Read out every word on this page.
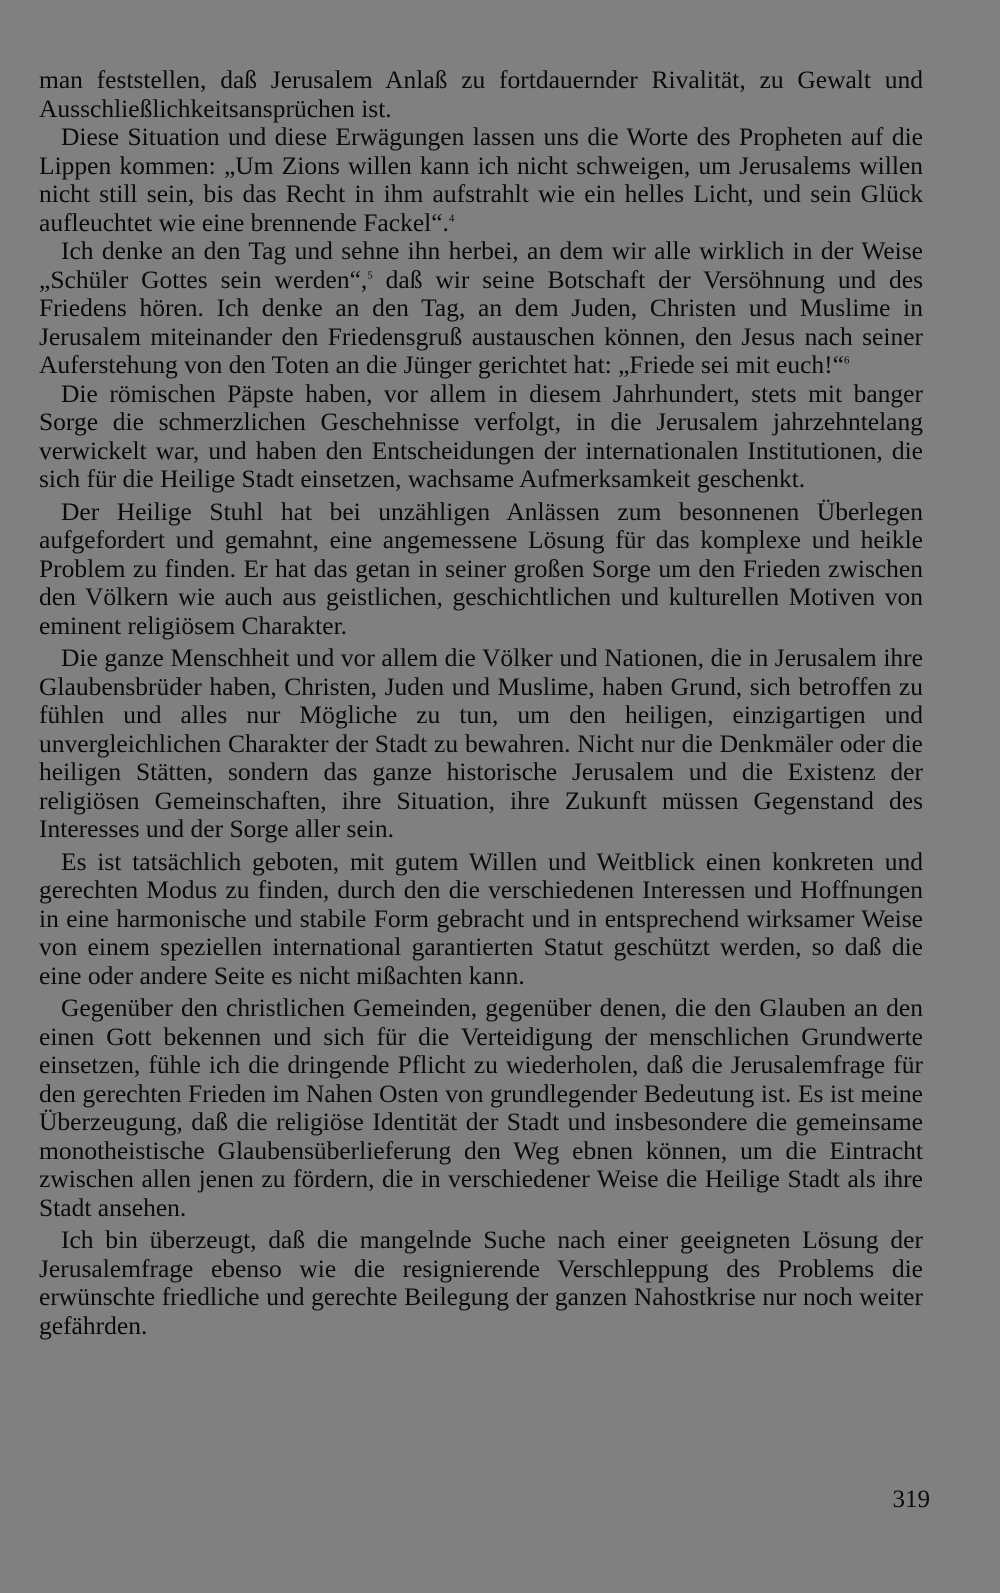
man feststellen, daß Jerusalem Anlaß zu fortdauernder Rivalität, zu Gewalt und Ausschließlichkeitsansprüchen ist.

Diese Situation und diese Erwägungen lassen uns die Worte des Propheten auf die Lippen kommen: „Um Zions willen kann ich nicht schweigen, um Jerusalems willen nicht still sein, bis das Recht in ihm aufstrahlt wie ein helles Licht, und sein Glück aufleuchtet wie eine brennende Fackel“.$^4$

Ich denke an den Tag und sehne ihn herbei, an dem wir alle wirklich in der Weise „Schüler Gottes sein werden“,$^5$ daß wir seine Botschaft der Versöhnung und des Friedens hören. Ich denke an den Tag, an dem Juden, Christen und Muslime in Jerusalem miteinander den Friedensgruß austauschen können, den Jesus nach seiner Auferstehung von den Toten an die Jünger gerichtet hat: „Friede sei mit euch!“$^6$

Die römischen Päpste haben, vor allem in diesem Jahrhundert, stets mit banger Sorge die schmerzlichen Geschehnisse verfolgt, in die Jerusalem jahrzehntelang verwickelt war, und haben den Entscheidungen der internationalen Institutionen, die sich für die Heilige Stadt einsetzen, wachsame Aufmerksamkeit geschenkt.

Der Heilige Stuhl hat bei unzähligen Anlässen zum besonnenen Überlegen aufgefordert und gemahnt, eine angemessene Lösung für das komplexe und heikle Problem zu finden. Er hat das getan in seiner großen Sorge um den Frieden zwischen den Völkern wie auch aus geistlichen, geschichtlichen und kulturellen Motiven von eminent religiösem Charakter.

Die ganze Menschheit und vor allem die Völker und Nationen, die in Jerusalem ihre Glaubensbrüder haben, Christen, Juden und Muslime, haben Grund, sich betroffen zu fühlen und alles nur Mögliche zu tun, um den heiligen, einzigartigen und unvergleichlichen Charakter der Stadt zu bewahren. Nicht nur die Denkmäler oder die heiligen Stätten, sondern das ganze historische Jerusalem und die Existenz der religiösen Gemeinschaften, ihre Situation, ihre Zukunft müssen Gegenstand des Interesses und der Sorge aller sein.

Es ist tatsächlich geboten, mit gutem Willen und Weitblick einen konkreten und gerechten Modus zu finden, durch den die verschiedenen Interessen und Hoffnungen in eine harmonische und stabile Form gebracht und in entsprechend wirksamer Weise von einem speziellen international garantierten Statut geschützt werden, so daß die eine oder andere Seite es nicht mißachten kann.

Gegenüber den christlichen Gemeinden, gegenüber denen, die den Glauben an den einen Gott bekennen und sich für die Verteidigung der menschlichen Grundwerte einsetzen, fühle ich die dringende Pflicht zu wiederholen, daß die Jerusalemfrage für den gerechten Frieden im Nahen Osten von grundlegender Bedeutung ist. Es ist meine Überzeugung, daß die religiöse Identität der Stadt und insbesondere die gemeinsame monotheistische Glaubensüberlieferung den Weg ebnen können, um die Eintracht zwischen allen jenen zu fördern, die in verschiedener Weise die Heilige Stadt als ihre Stadt ansehen.

Ich bin überzeugt, daß die mangelnde Suche nach einer geeigneten Lösung der Jerusalemfrage ebenso wie die resignierende Verschleppung des Problems die erwünschte friedliche und gerechte Beilegung der ganzen Nahostkrise nur noch weiter gefährden.

319
